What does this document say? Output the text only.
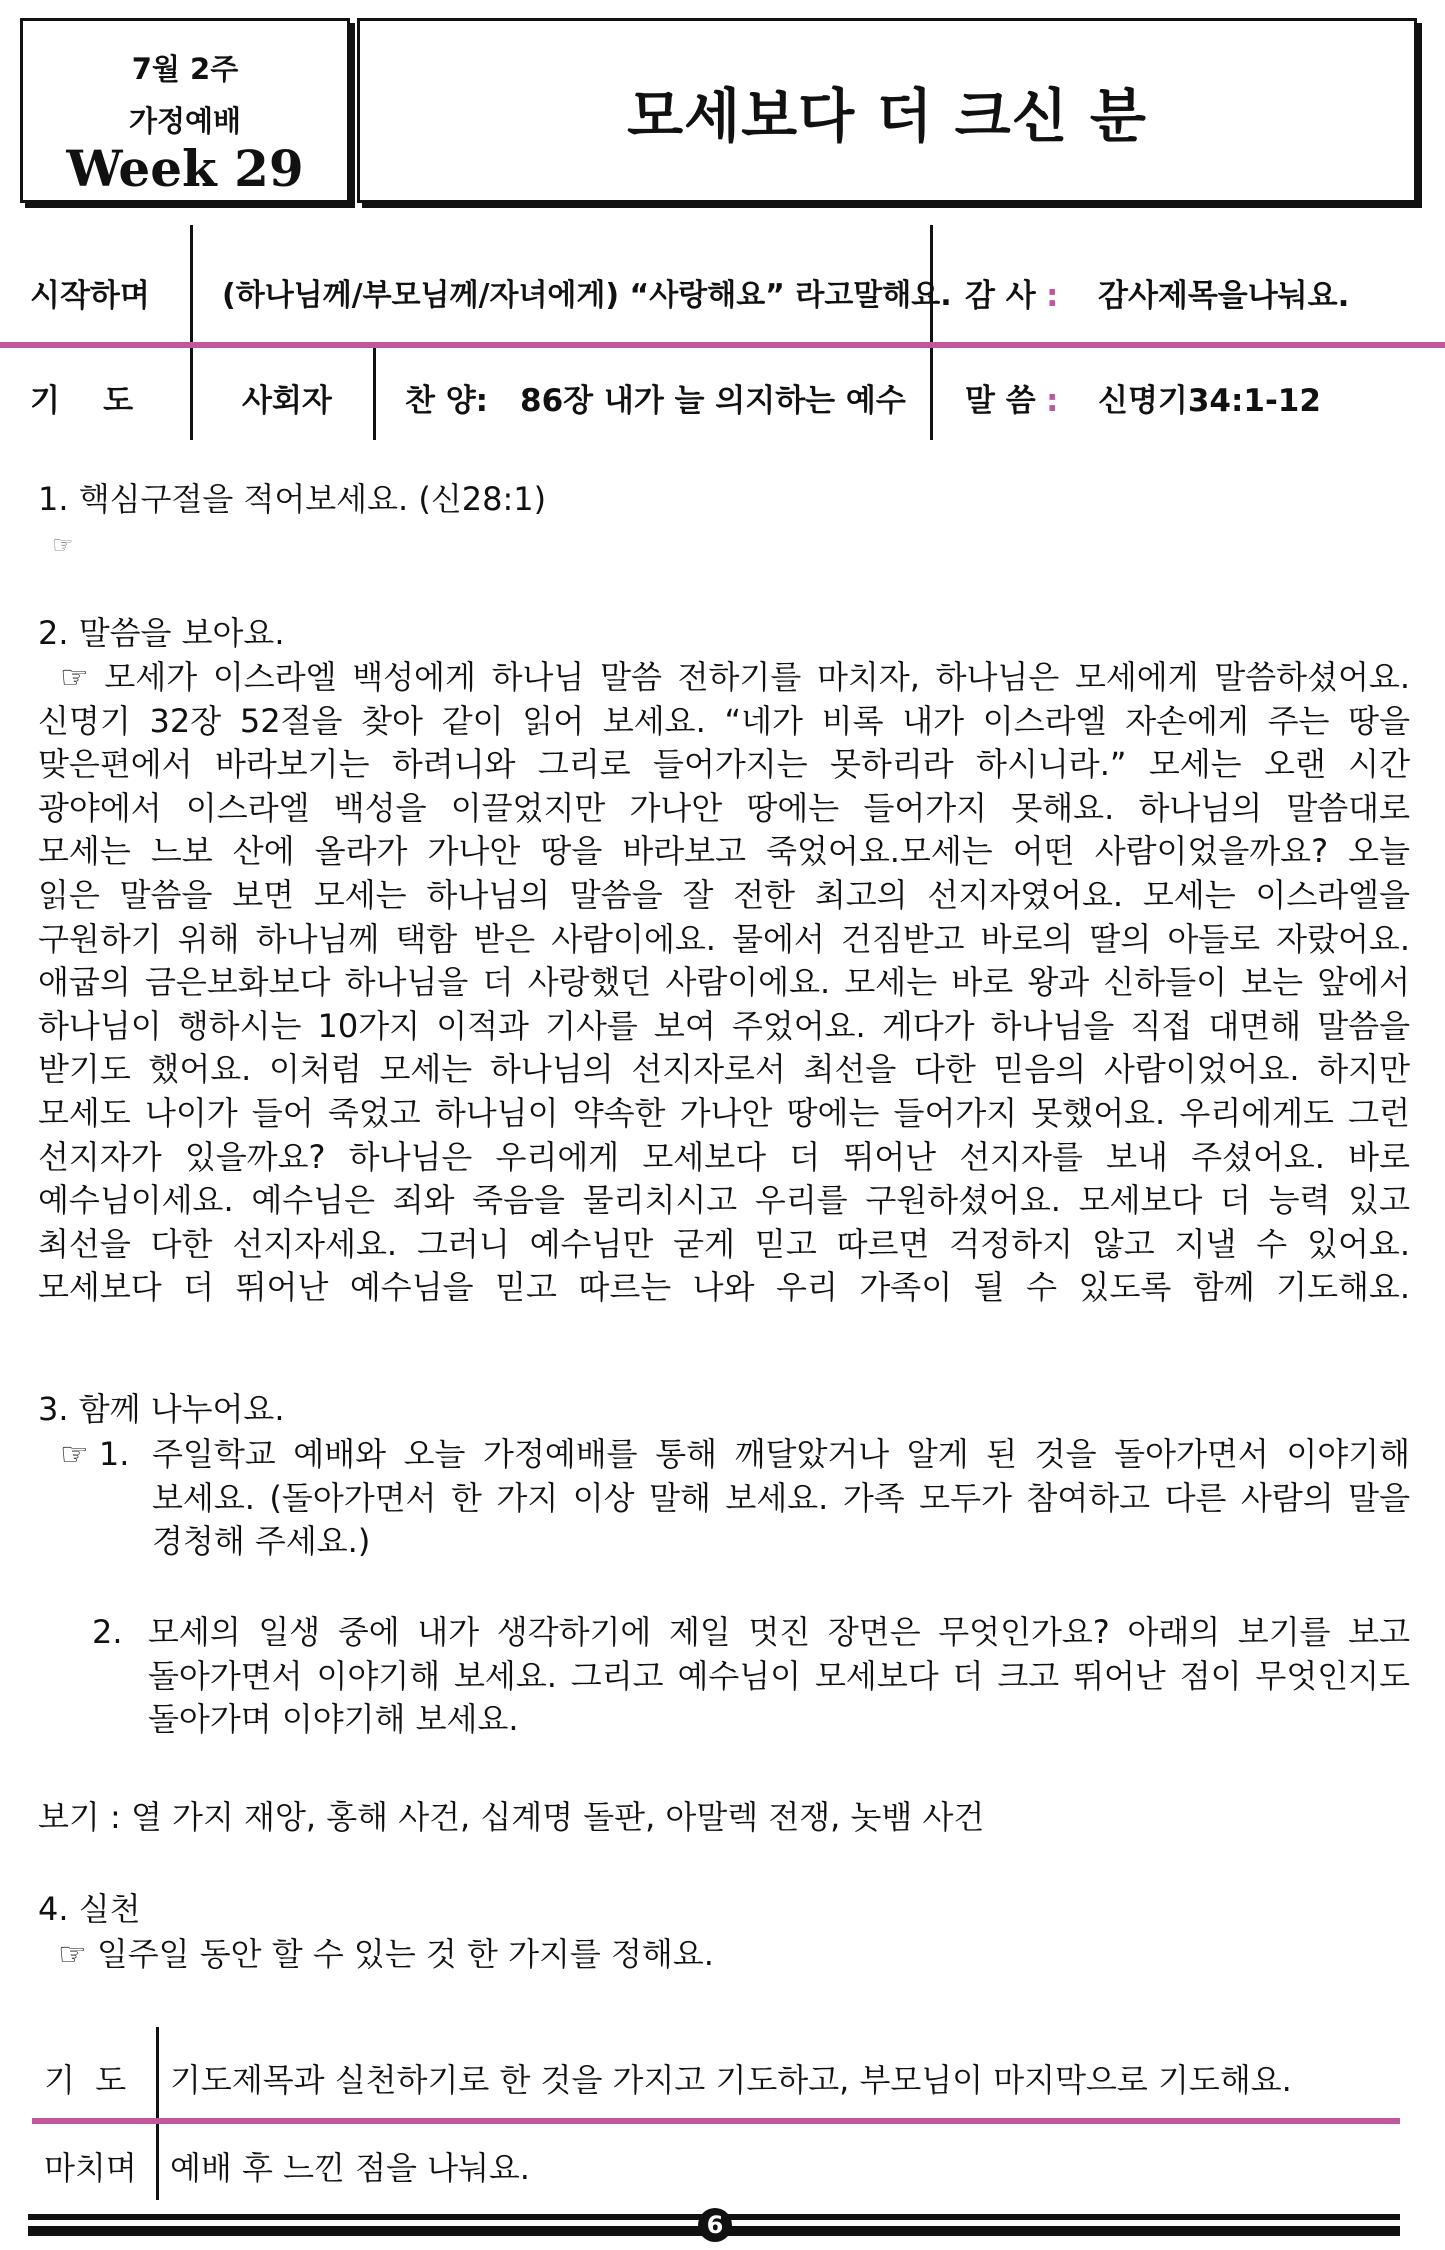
7월 2주
가정예배
Week 29
모세보다 더 크신 분
시작하며 (하나님께/부모님께/자녀에게) “사랑해요” 라고말해요. 감 사 : 감사제목을나눠요.
기    도	사회자 찬 양: 86장 내가 늘 의지하는 예수 말 씀 : 신명기34:1-12
1. 핵심구절을 적어보세요. (신28:1)
☞
2. 말씀을 보아요.
☞ 모세가 이스라엘 백성에게 하나님 말씀 전하기를 마치자, 하나님은 모세에게 말씀하셨어요.
신명기 32장 52절을 찾아 같이 읽어 보세요. “네가 비록 내가 이스라엘 자손에게 주는 땅을
맞은편에서 바라보기는 하려니와 그리로 들어가지는 못하리라 하시니라.” 모세는 오랜 시간
광야에서 이스라엘 백성을 이끌었지만 가나안 땅에는 들어가지 못해요. 하나님의 말씀대로
모세는 느보 산에 올라가 가나안 땅을 바라보고 죽었어요.모세는 어떤 사람이었을까요? 오늘
읽은 말씀을 보면 모세는 하나님의 말씀을 잘 전한 최고의 선지자였어요. 모세는 이스라엘을
구원하기 위해 하나님께 택함 받은 사람이에요. 물에서 건짐받고 바로의 딸의 아들로 자랐어요.
애굽의 금은보화보다 하나님을 더 사랑했던 사람이에요. 모세는 바로 왕과 신하들이 보는 앞에서
하나님이 행하시는 10가지 이적과 기사를 보여 주었어요. 게다가 하나님을 직접 대면해 말씀을
받기도 했어요. 이처럼 모세는 하나님의 선지자로서 최선을 다한 믿음의 사람이었어요. 하지만
모세도 나이가 들어 죽었고 하나님이 약속한 가나안 땅에는 들어가지 못했어요. 우리에게도 그런
선지자가 있을까요? 하나님은 우리에게 모세보다 더 뛰어난 선지자를 보내 주셨어요. 바로
예수님이세요. 예수님은 죄와 죽음을 물리치시고 우리를 구원하셨어요. 모세보다 더 능력 있고
최선을 다한 선지자세요. 그러니 예수님만 굳게 믿고 따르면 걱정하지 않고 지낼 수 있어요.
모세보다 더 뛰어난 예수님을 믿고 따르는 나와 우리 가족이 될 수 있도록 함께 기도해요.
3. 함께 나누어요.
☞ 1. 주일학교 예배와 오늘 가정예배를 통해 깨달았거나 알게 된 것을 돌아가면서 이야기해
보세요. (돌아가면서 한 가지 이상 말해 보세요. 가족 모두가 참여하고 다른 사람의 말을
경청해 주세요.)
2. 모세의 일생 중에 내가 생각하기에 제일 멋진 장면은 무엇인가요? 아래의 보기를 보고
돌아가면서 이야기해 보세요. 그리고 예수님이 모세보다 더 크고 뛰어난 점이 무엇인지도
돌아가며 이야기해 보세요.
보기 : 열 가지 재앙, 홍해 사건, 십계명 돌판, 아말렉 전쟁, 놋뱀 사건
4. 실천
☞ 일주일 동안 할 수 있는 것 한 가지를 정해요.
기  도 기도제목과 실천하기로 한 것을 가지고 기도하고, 부모님이 마지막으로 기도해요.
마치며 예배 후 느낀 점을 나눠요.
6
